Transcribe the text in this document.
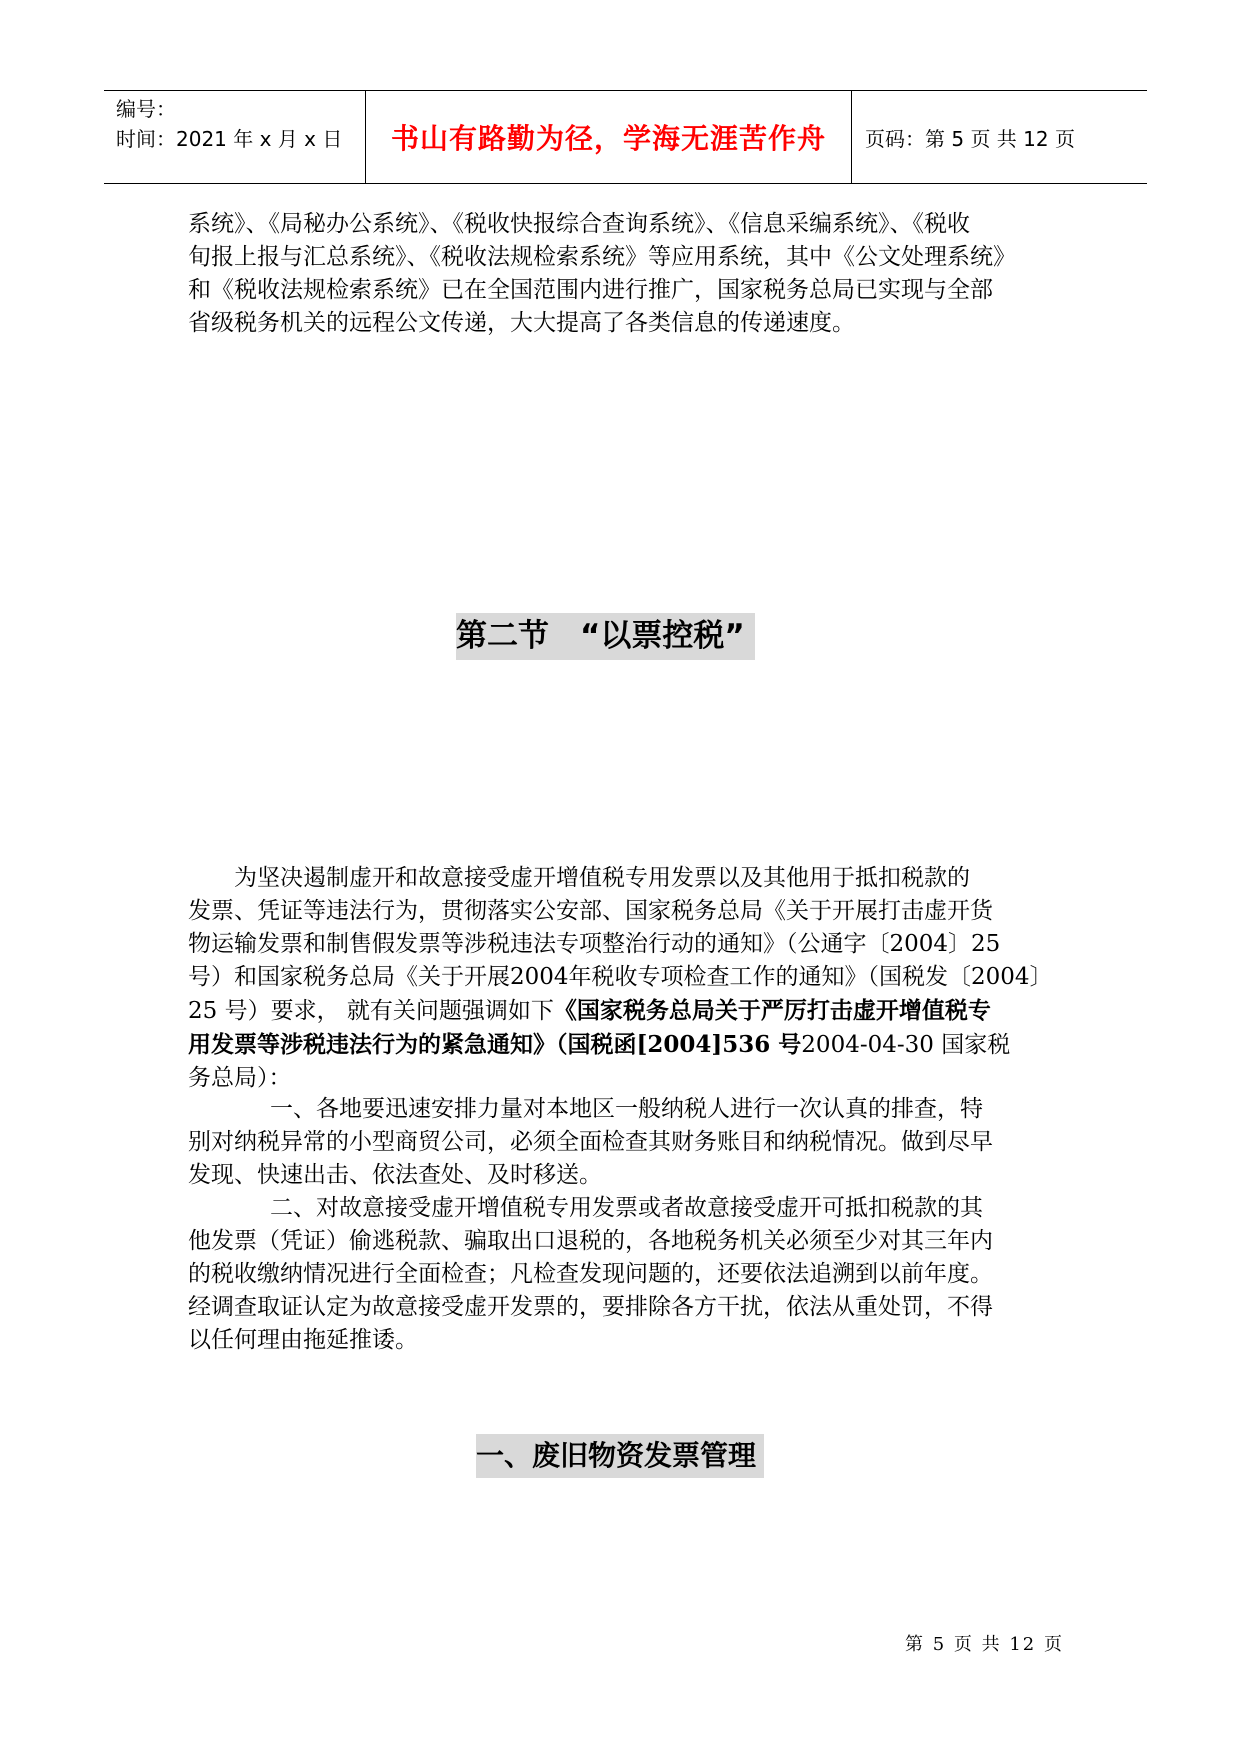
编号：
时间：2021 年 x 月 x 日	书山有路勤为径，学海无涯苦作舟	页码：第 5 页 共 12 页

系统》、《局秘办公系统》、《税收快报综合查询系统》、《信息采编系统》、《税收
旬报上报与汇总系统》、《税收法规检索系统》等应用系统，其中《公文处理系统》
和《税收法规检索系统》已在全国范围内进行推广，国家税务总局已实现与全部
省级税务机关的远程公文传递，大大提高了各类信息的传递速度。

第二节　“以票控税”

为坚决遏制虚开和故意接受虚开增值税专用发票以及其他用于抵扣税款的
发票、凭证等违法行为，贯彻落实公安部、国家税务总局《关于开展打击虚开货
物运输发票和制售假发票等涉税违法专项整治行动的通知》（公通字〔2004〕25
号）和国家税务总局《关于开展2004年税收专项检查工作的通知》（国税发〔2004〕
25 号）要求， 就有关问题强调如下《国家税务总局关于严厉打击虚开增值税专
用发票等涉税违法行为的紧急通知》（国税函[2004]536 号2004-04-30 国家税
务总局）：

一、各地要迅速安排力量对本地区一般纳税人进行一次认真的排查，特
别对纳税异常的小型商贸公司，必须全面检查其财务账目和纳税情况。做到尽早
发现、快速出击、依法查处、及时移送。

二、对故意接受虚开增值税专用发票或者故意接受虚开可抵扣税款的其
他发票（凭证）偷逃税款、骗取出口退税的，各地税务机关必须至少对其三年内
的税收缴纳情况进行全面检查；凡检查发现问题的，还要依法追溯到以前年度。
经调查取证认定为故意接受虚开发票的，要排除各方干扰，依法从重处罚，不得
以任何理由拖延推诿。

一、废旧物资发票管理
第 5 页 共 12 页
